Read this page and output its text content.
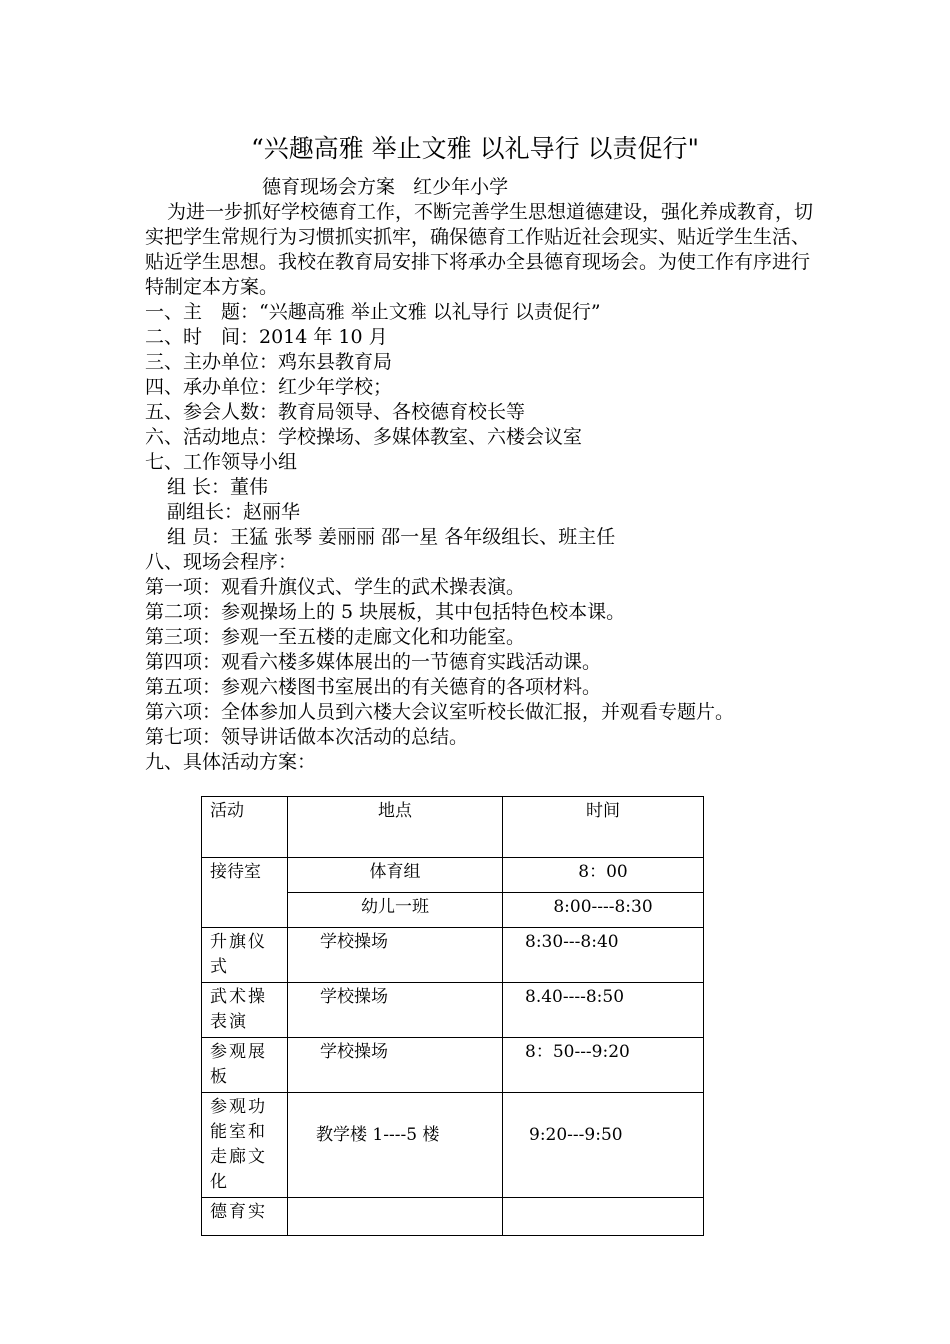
“兴趣高雅 举止文雅 以礼导行 以责促行"
德育现场会方案   红少年小学

为进一步抓好学校德育工作，不断完善学生思想道德建设，强化养成教育，切实把学生常规行为习惯抓实抓牢，确保德育工作贴近社会现实、贴近学生生活、贴近学生思想。我校在教育局安排下将承办全县德育现场会。为使工作有序进行特制定本方案。

一、主　题：“兴趣高雅 举止文雅 以礼导行 以责促行”

二、时　间：2014 年 10 月

三、主办单位：鸡东县教育局

四、承办单位：红少年学校；

五、参会人数：教育局领导、各校德育校长等

六、活动地点：学校操场、多媒体教室、六楼会议室

七、工作领导小组

组 长：董伟

副组长：赵丽华

组 员：王猛 张琴 姜丽丽 邵一星 各年级组长、班主任

八、现场会程序：

第一项：观看升旗仪式、学生的武术操表演。

第二项：参观操场上的 5 块展板，其中包括特色校本课。

第三项：参观一至五楼的走廊文化和功能室。

第四项：观看六楼多媒体展出的一节德育实践活动课。

第五项：参观六楼图书室展出的有关德育的各项材料。

第六项：全体参加人员到六楼大会议室听校长做汇报，并观看专题片。

第七项：领导讲话做本次活动的总结。

九、具体活动方案：

活动	地点	时间
接待室	体育组	8：00
	幼儿一班	8:00----8:30
升旗仪式	学校操场	8:30---8:40
武术操表演	学校操场	8.40----8:50
参观展板	学校操场	8：50---9:20
参观功能室和走廊文化	教学楼 1----5 楼	9:20---9:50
德育实		
